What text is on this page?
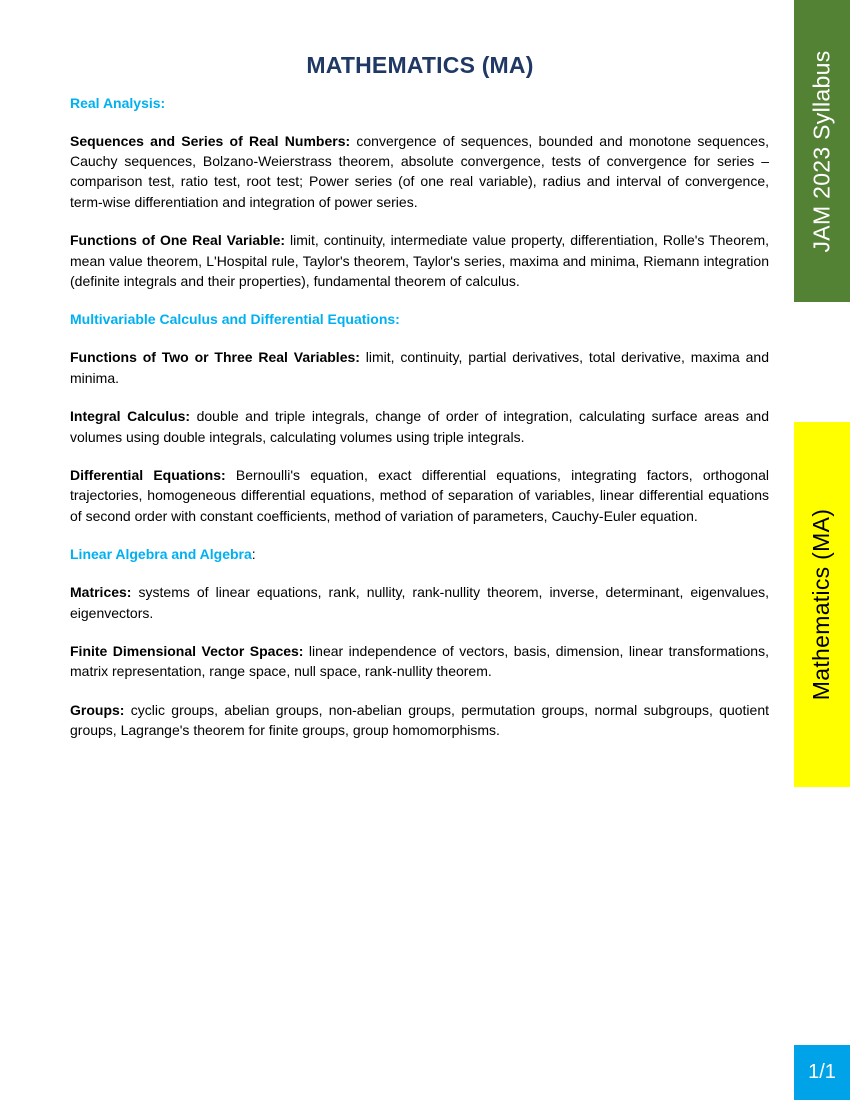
MATHEMATICS (MA)
Real Analysis:

Sequences and Series of Real Numbers: convergence of sequences, bounded and monotone sequences, Cauchy sequences, Bolzano-Weierstrass theorem, absolute convergence, tests of convergence for series – comparison test, ratio test, root test; Power series (of one real variable), radius and interval of convergence, term-wise differentiation and integration of power series.

Functions of One Real Variable: limit, continuity, intermediate value property, differentiation, Rolle's Theorem, mean value theorem, L'Hospital rule, Taylor's theorem, Taylor's series, maxima and minima, Riemann integration (definite integrals and their properties), fundamental theorem of calculus.

Multivariable Calculus and Differential Equations:

Functions of Two or Three Real Variables: limit, continuity, partial derivatives, total derivative, maxima and minima.

Integral Calculus: double and triple integrals, change of order of integration, calculating surface areas and volumes using double integrals, calculating volumes using triple integrals.

Differential Equations: Bernoulli's equation, exact differential equations, integrating factors, orthogonal trajectories, homogeneous differential equations, method of separation of variables, linear differential equations of second order with constant coefficients, method of variation of parameters, Cauchy-Euler equation.

Linear Algebra and Algebra:

Matrices: systems of linear equations, rank, nullity, rank-nullity theorem, inverse, determinant, eigenvalues, eigenvectors.

Finite Dimensional Vector Spaces: linear independence of vectors, basis, dimension, linear transformations, matrix representation, range space, null space, rank-nullity theorem.

Groups: cyclic groups, abelian groups, non-abelian groups, permutation groups, normal subgroups, quotient groups, Lagrange's theorem for finite groups, group homomorphisms.

JAM 2023 Syllabus
Mathematics (MA)
1/1
